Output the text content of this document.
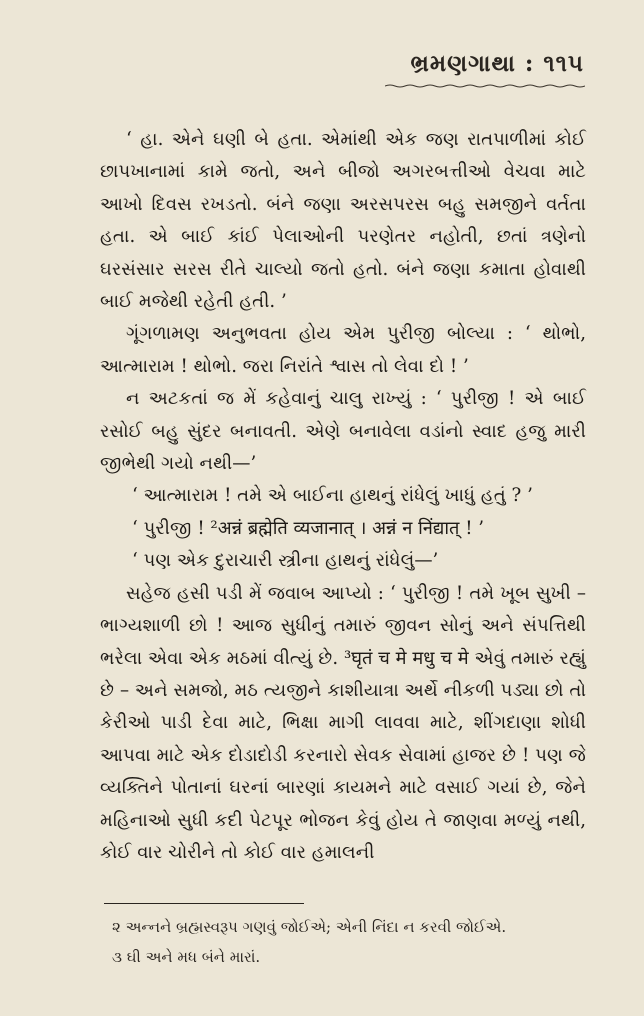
ભ્રમણગાથા : ૧૧૫

‘ હા. એને ઘણી બે હતા. એમાંથી એક જણ રાતપાળીમાં કોઈ છાપખાનામાં કામે જતો, અને બીજો અગરબત્તીઓ વેચવા માટે આખો દિવસ રખડતો. બંને જણા અરસપરસ બહુ સમજીને વર્તતા હતા. એ બાઈ કાંઈ પેલાઓની પરણેતર નહોતી, છતાં ત્રણેનો ઘરસંસાર સરસ રીતે ચાલ્યો જતો હતો. બંને જણા કમાતા હોવાથી બાઈ મજેથી રહેતી હતી. ’

ગૂંગળામણ અનુભવતા હોય એમ પુરીજી બોલ્યા : ‘ થોભો, આત્મારામ ! થોભો. જરા નિરાંતે શ્વાસ તો લેવા દો ! ’

ન અટકતાં જ મેં કહેવાનું ચાલુ રાખ્યું : ‘ પુરીજી ! એ બાઈ રસોઈ બહુ સુંદર બનાવતી. એણે બનાવેલા વડાંનો સ્વાદ હજુ મારી જીભેથી ગયો નથી—’

‘ આત્મારામ ! તમે એ બાઈના હાથનું રાંધેલું ખાધું હતું ? ’

‘ પુરીજી ! ²अन्नं ब्रह्मेति व्यजानात् । अन्नं न निंद्यात् ! ’

‘ પણ એક દુરાચારી સ્ત્રીના હાથનું રાંધેલું—’

સહેજ હસી પડી મેં જવાબ આપ્યો : ‘ પુરીજી ! તમે ખૂબ સુખી – ભાગ્યશાળી છો ! આજ સુધીનું તમારું જીવન સોનું અને સંપત્તિથી ભરેલા એવા એક મઠમાં વીત્યું છે. ³घृतं च मे मधु च मे એવું તમારું રહ્યું છે – અને સમજો, મઠ ત્યજીને કાશીયાત્રા અર્થે નીકળી પડ્યા છો તો કેરીઓ પાડી દેવા માટે, ભિક્ષા માગી લાવવા માટે, શીંગદાણા શોધી આપવા માટે એક દોડાદોડી કરનારો સેવક સેવામાં હાજર છે ! પણ જે વ્યક્તિને પોતાનાં ઘરનાં બારણાં કાયમને માટે વસાઈ ગયાં છે, જેને મહિનાઓ સુધી કદી પેટપૂર ભોજન કેવું હોય તે જાણવા મળ્યું નથી, કોઈ વાર ચોરીને તો કોઈ વાર હમાલની

૨ અન્નને બ્રહ્મસ્વરૂપ ગણવું જોઈએ; એની નિંદા ન કરવી જોઈએ.

૩ ઘી અને મધ બંને મારાં.
